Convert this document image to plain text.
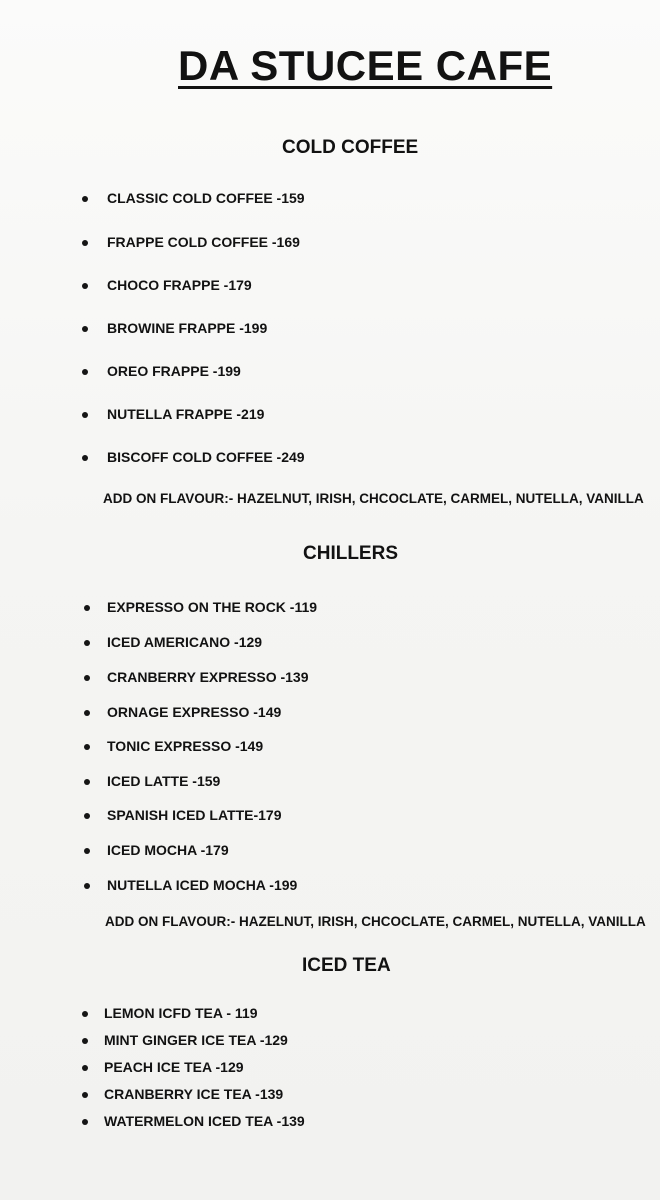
DA STUCEE CAFE
COLD COFFEE
CLASSIC COLD COFFEE -159
FRAPPE COLD COFFEE -169
CHOCO FRAPPE -179
BROWINE FRAPPE -199
OREO FRAPPE -199
NUTELLA FRAPPE -219
BISCOFF COLD COFFEE -249
ADD ON FLAVOUR:- HAZELNUT, IRISH, CHCOCLATE, CARMEL, NUTELLA, VANILLA
CHILLERS
EXPRESSO ON THE ROCK -119
ICED AMERICANO -129
CRANBERRY EXPRESSO -139
ORNAGE EXPRESSO -149
TONIC EXPRESSO -149
ICED LATTE -159
SPANISH ICED LATTE-179
ICED MOCHA -179
NUTELLA ICED MOCHA -199
ADD ON FLAVOUR:- HAZELNUT, IRISH, CHCOCLATE, CARMEL, NUTELLA, VANILLA
ICED TEA
LEMON ICFD TEA - 119
MINT GINGER ICE TEA -129
PEACH ICE TEA -129
CRANBERRY ICE TEA -139
WATERMELON ICED TEA -139
